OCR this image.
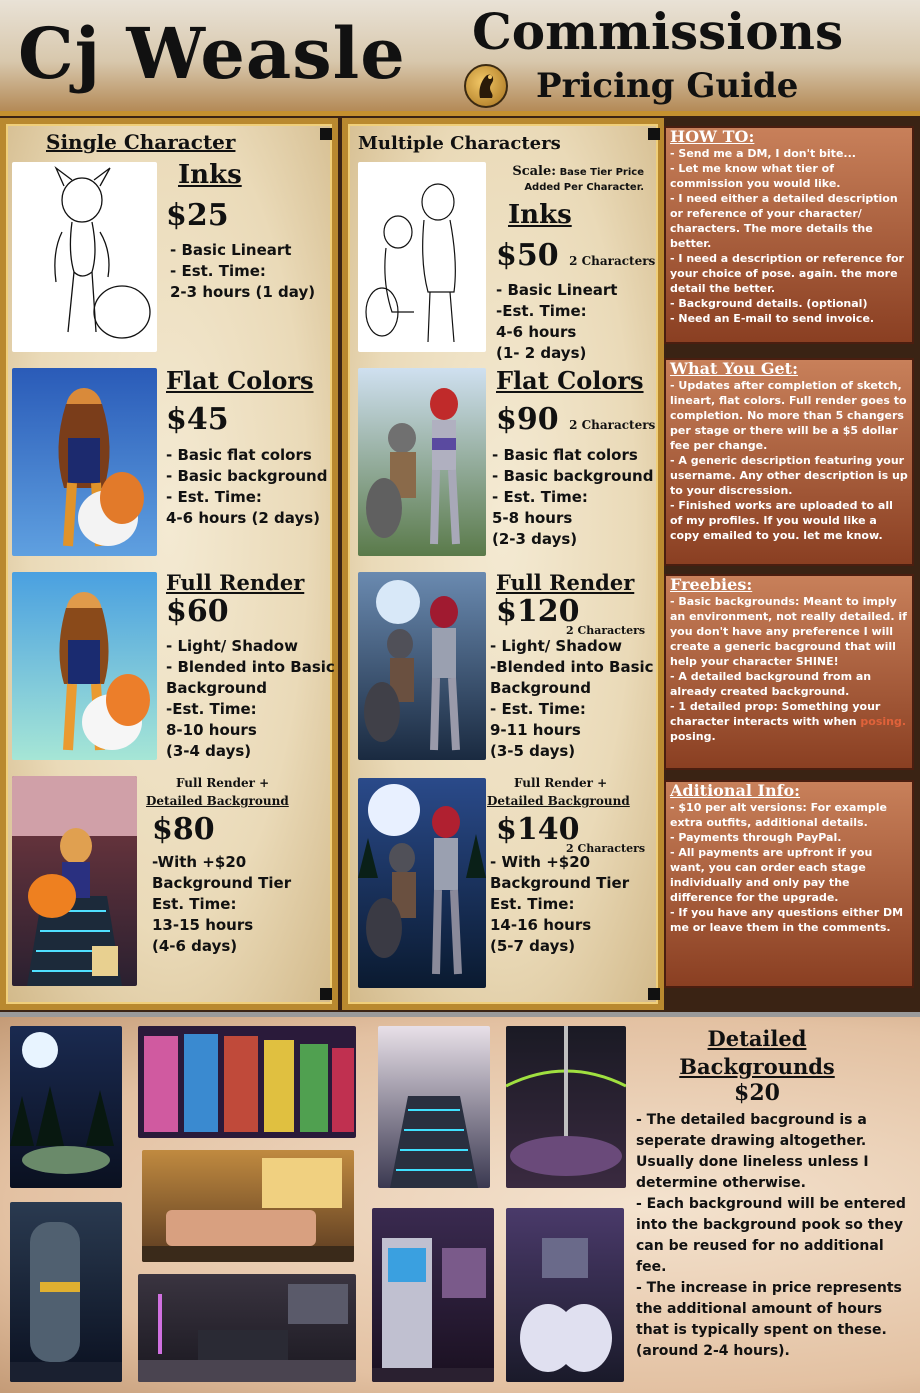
Cj Weasle Commissions
Pricing Guide
Single Character
Inks
$25
- Basic Lineart
- Est. Time:
2-3 hours (1 day)
Flat Colors
$45
- Basic flat colors
- Basic background
- Est. Time:
4-6 hours (2 days)
Full Render
$60
- Light/ Shadow
- Blended into Basic
Background
-Est. Time:
8-10 hours
(3-4 days)
Full Render +
Detailed Background
$80
-With +$20
Background Tier
Est. Time:
13-15 hours
(4-6 days)
Multiple Characters
Scale: Base Tier Price
Added Per Character.
Inks
$50 2 Characters
- Basic Lineart
-Est. Time:
4-6 hours
(1- 2 days)
Flat Colors
$90 2 Characters
- Basic flat colors
- Basic background
- Est. Time:
5-8 hours
(2-3 days)
Full Render
$120
2 Characters
- Light/ Shadow
-Blended into Basic
Background
- Est. Time:
9-11 hours
(3-5 days)
Full Render +
Detailed Background
$140
2 Characters
- With +$20
Background Tier
Est. Time:
14-16 hours
(5-7 days)
HOW TO:
- Send me a DM, I don't bite...
- Let me know what tier of commission you would like.
- I need either a detailed description or reference of your character/ characters. The more details the better.
- I need a description or reference for your choice of pose. again. the more detail the better.
- Background details. (optional)
- Need an E-mail to send invoice.
What You Get:
- Updates after completion of sketch, lineart, flat colors. Full render goes to completion. No more than 5 changers per stage or there will be a $5 dollar fee per change.
- A generic description featuring your username. Any other description is up to your discression.
- Finished works are uploaded to all of my profiles. If you would like a copy emailed to you. let me know.
Freebies:
- Basic backgrounds: Meant to imply an environment, not really detailed. if you don't have any preference I will create a generic bacground that will help your character SHINE!
- A detailed background from an already created background.
- 1 detailed prop: Something your character interacts with when posing. posing.
Aditional Info:
- $10 per alt versions: For example extra outfits, additional details.
- Payments through PayPal.
- All payments are upfront if you want, you can order each stage individually and only pay the difference for the upgrade.
- If you have any questions either DM me or leave them in the comments.
Detailed
Backgrounds
$20
- The detailed bacground is a seperate drawing altogether. Usually done lineless unless I determine otherwise.
- Each background will be entered into the background pook so they can be reused for no additional fee.
- The increase in price represents the additional amount of hours that is typically spent on these. (around 2-4 hours).
